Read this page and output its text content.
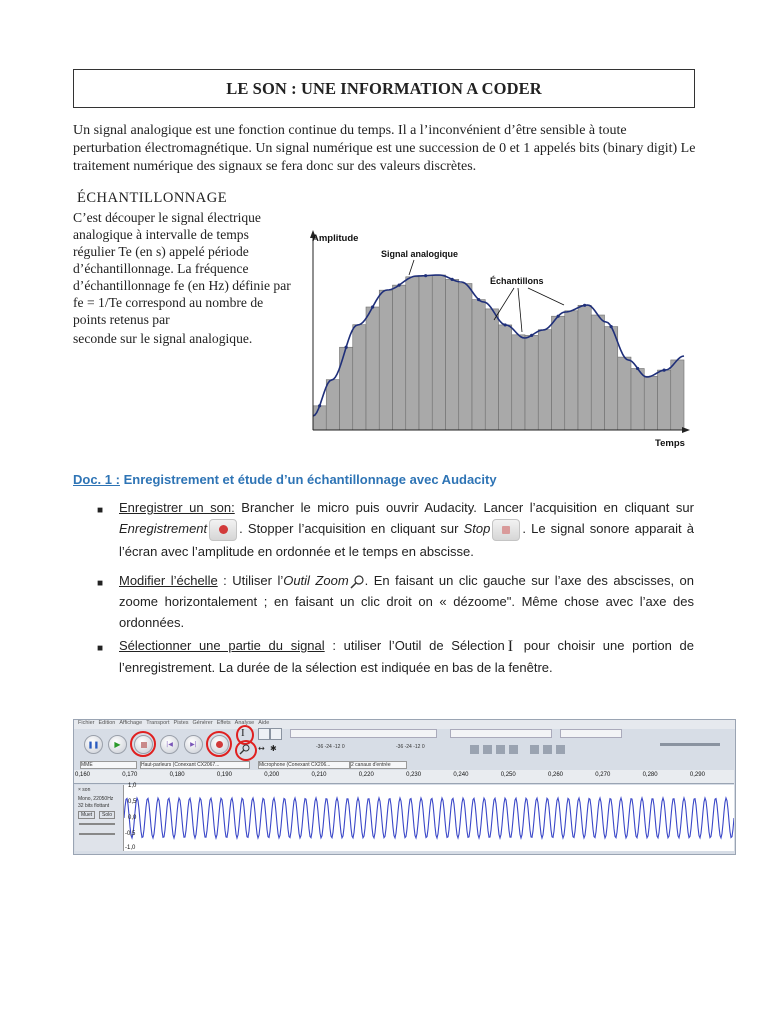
LE SON : UNE INFORMATION A CODER
Un signal analogique est une fonction continue du temps. Il a l’inconvénient d’être sensible à toute perturbation électromagnétique. Un signal numérique est une succession de 0 et 1 appelés bits (binary digit) Le traitement numérique des signaux se fera donc sur des valeurs discrètes.
ÉCHANTILLONNAGE
C’est découper le signal électrique analogique à intervalle de temps régulier Te (en s) appelé période d’échantillonnage. La fréquence d’échantillonnage fe (en Hz) définie par fe = 1/Te correspond au nombre de points retenus par
seconde sur le signal analogique.
Amplitude
Temps
Signal analogique
Échantillons
Doc. 1 : Enregistrement et étude d’un échantillonnage avec Audacity
■ Enregistrer un son: Brancher le micro puis ouvrir Audacity. Lancer l’acquisition en cliquant sur Enregistrement . Stopper l’acquisition en cliquant sur Stop . Le signal sonore apparait à l’écran avec l’amplitude en ordonnée et le temps en abscisse.
■ Modifier l’échelle : Utiliser l’Outil Zoom . En faisant un clic gauche sur l’axe des abscisses, on zoome horizontalement ; en faisant un clic droit on « dézoome". Même chose avec l’axe des ordonnées.
■ Sélectionner une partie du signal : utiliser l’Outil de Sélection I pour choisir une portion de l’enregistrement. La durée de la sélection est indiquée en bas de la fenêtre.
Fichier Edition Affichage Transport Pistes Générer Effets Analyse Aide
❚❚ ▶	|◀	▶|
I
↔ ✱	-36 -24 -12 0	-36 -24 -12 0
MME	Haut-parleurs (Conexant CX2067...	Microphone (Conexant CX206...	2 canaux d'entrée
0,160	0,170	0,180	0,190	0,200	0,210	0,220	0,230	0,240	0,250	0,260	0,270	0,280	0,290
× son
Mono, 22050Hz
32 bits flottant
Muet	Solo
1,0
0,5
0,0
-0,5
-1,0
